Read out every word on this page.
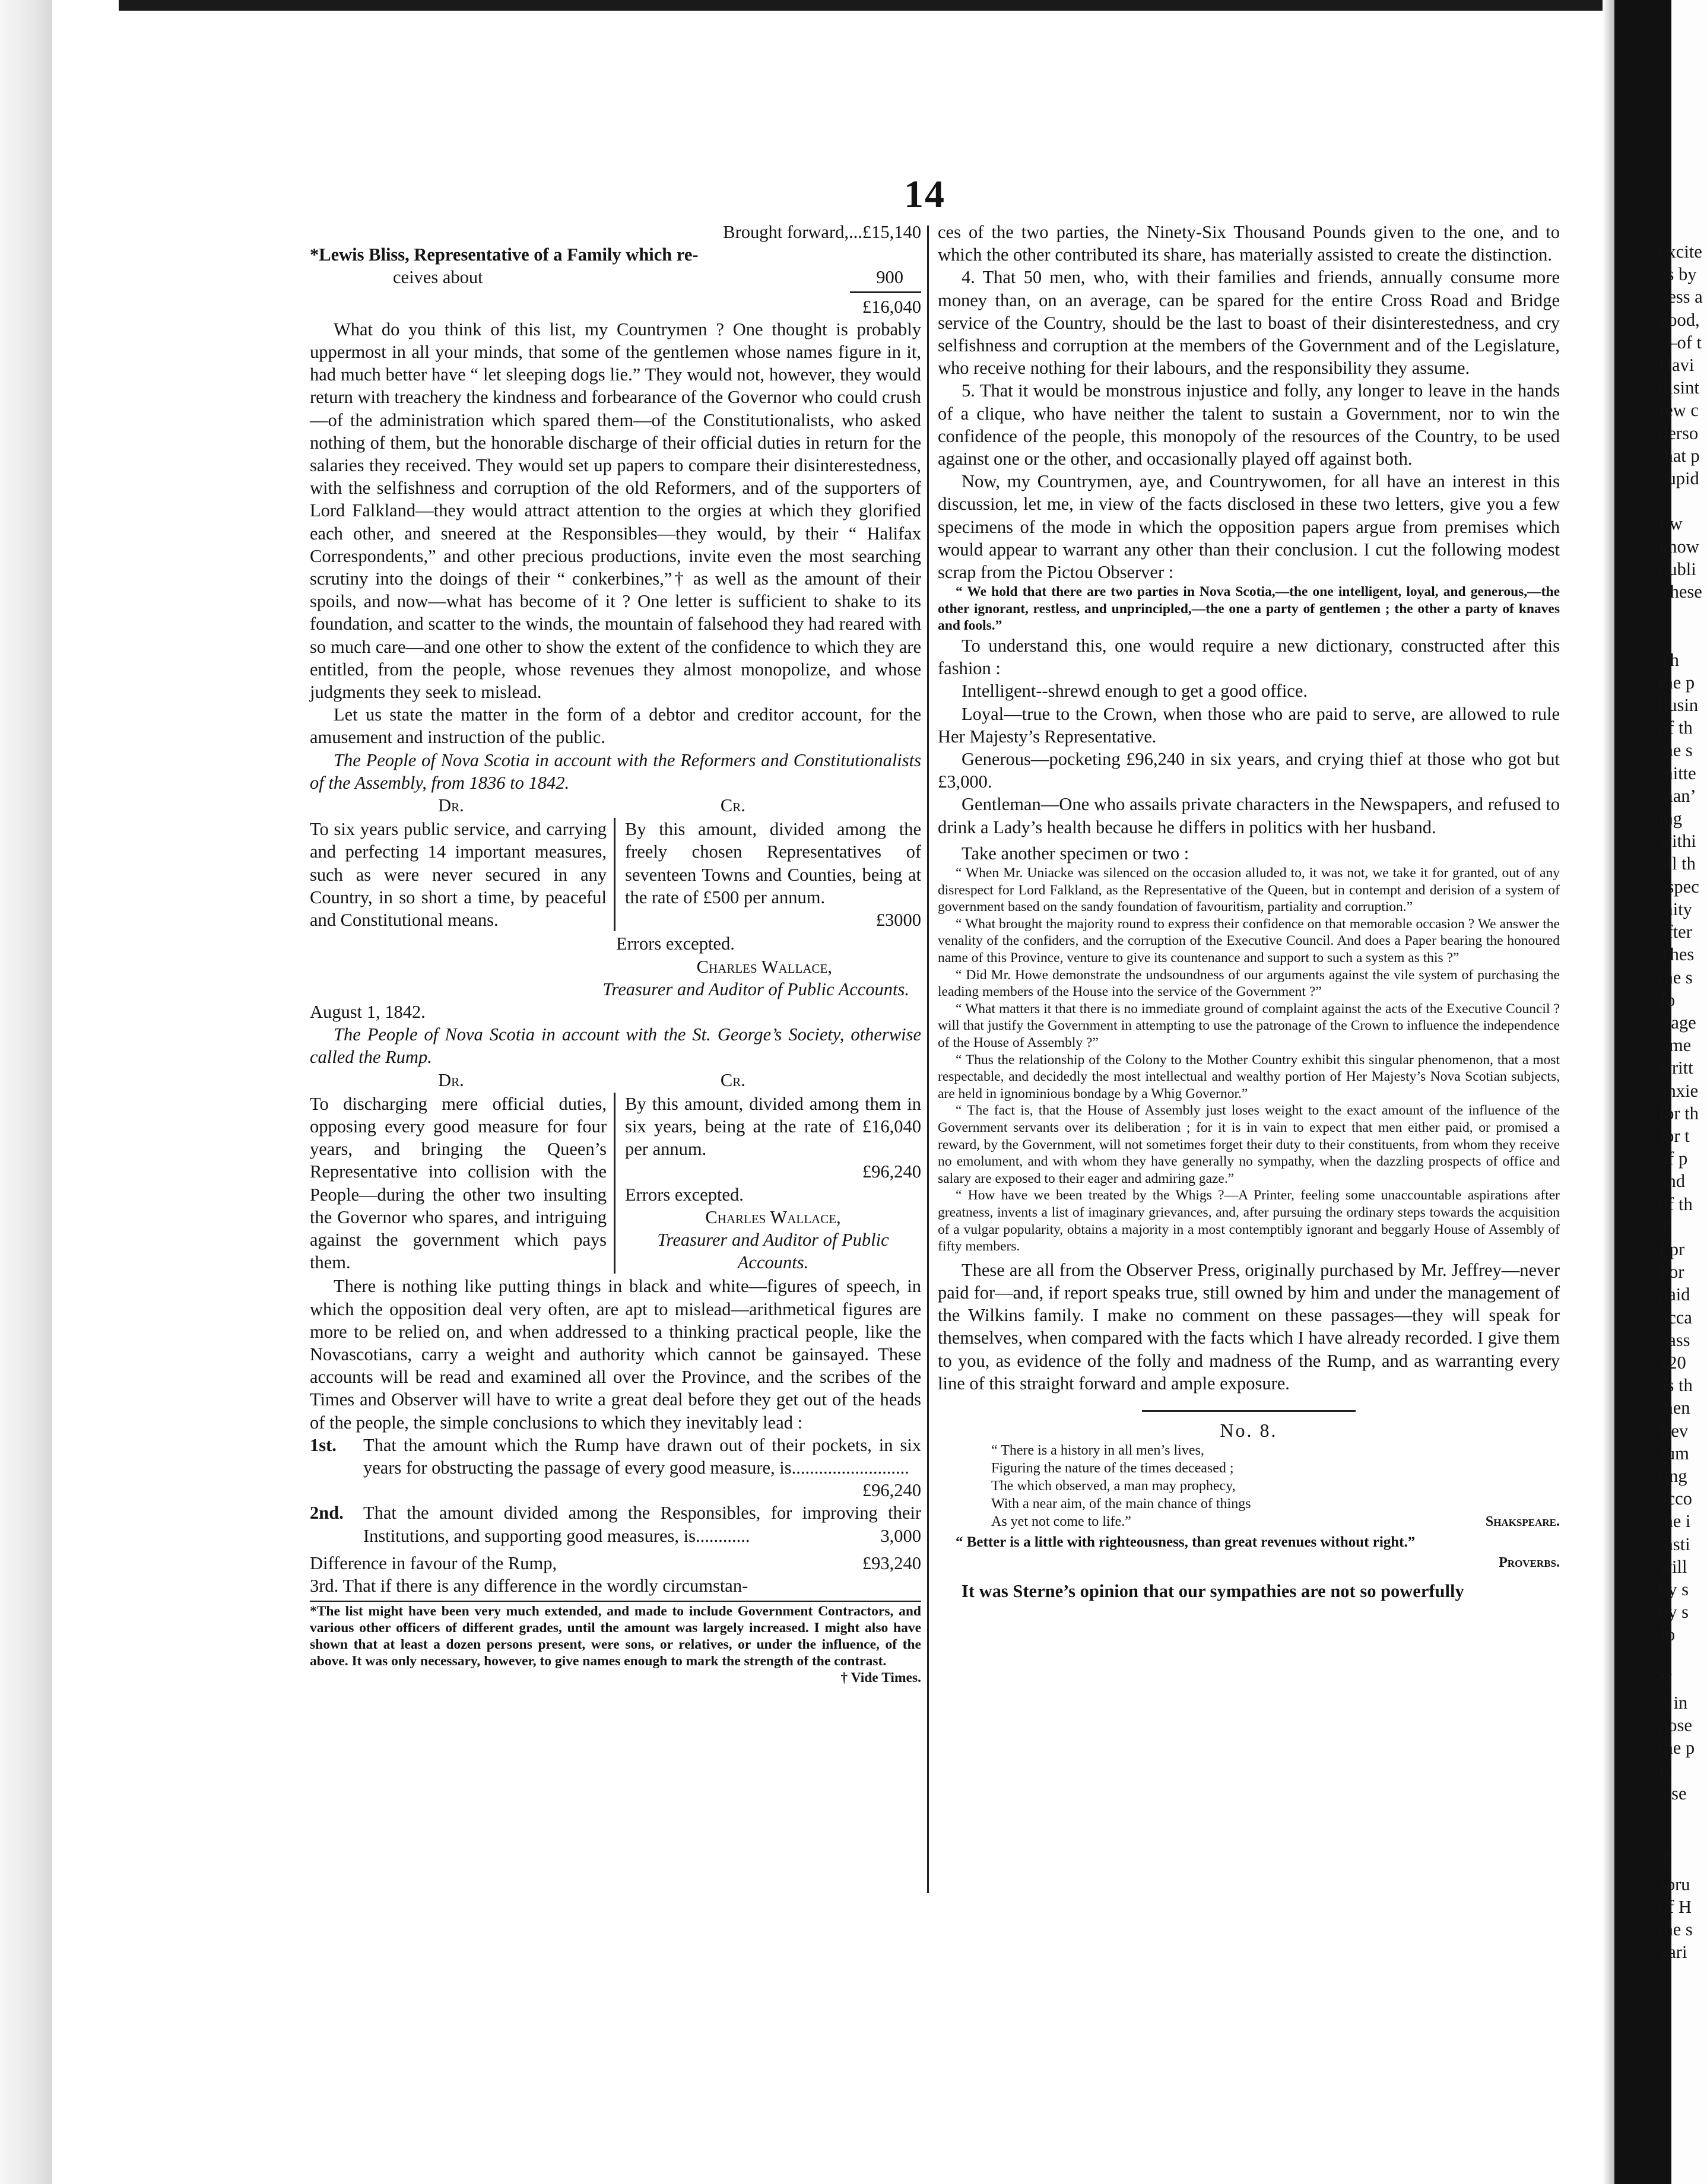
14

Brought forward,...£15,140

*Lewis Bliss, Representative of a Family which re-

ceives about	900

£16,040

What do you think of this list, my Countrymen ? One thought is probably uppermost in all your minds, that some of the gentlemen whose names figure in it, had much better have “ let sleeping dogs lie.” They would not, however, they would return with treachery the kindness and forbearance of the Governor who could crush—of the administration which spared them—of the Constitutionalists, who asked nothing of them, but the honorable discharge of their official duties in return for the salaries they received. They would set up papers to compare their disinterestedness, with the selfishness and corruption of the old Reformers, and of the supporters of Lord Falkland—they would attract attention to the orgies at which they glorified each other, and sneered at the Responsibles—they would, by their “ Halifax Correspondents,” and other precious productions, invite even the most searching scrutiny into the doings of their “ conkerbines,”† as well as the amount of their spoils, and now—what has become of it ? One letter is sufficient to shake to its foundation, and scatter to the winds, the mountain of falsehood they had reared with so much care—and one other to show the extent of the confidence to which they are entitled, from the people, whose revenues they almost monopolize, and whose judgments they seek to mislead.

Let us state the matter in the form of a debtor and creditor account, for the amusement and instruction of the public.

The People of Nova Scotia in account with the Reformers and Constitutionalists of the Assembly, from 1836 to 1842.

Dr.	Cr.
To six years public service, and carrying and perfecting 14 important measures, such as were never secured in any Country, in so short a time, by peaceful and Constitutional means.
By this amount, divided among the freely chosen Representatives of seventeen Towns and Counties, being at the rate of £500 per annum.
£3000

Errors excepted.

Charles Wallace,

Treasurer and Auditor of Public Accounts.

August 1, 1842.

The People of Nova Scotia in account with the St. George’s Society, otherwise called the Rump.

Dr.	Cr.
To discharging mere official duties, opposing every good measure for four years, and bringing the Queen’s Representative into collision with the People—during the other two insulting the Governor who spares, and intriguing against the government which pays them.
By this amount, divided among them in six years, being at the rate of £16,040 per annum.
£96,240
Errors excepted.
Charles Wallace,
Treasurer and Auditor of Public Accounts.

There is nothing like putting things in black and white—figures of speech, in which the opposition deal very often, are apt to mislead—arithmetical figures are more to be relied on, and when addressed to a thinking practical people, like the Novascotians, carry a weight and authority which cannot be gainsayed. These accounts will be read and examined all over the Province, and the scribes of the Times and Observer will have to write a great deal before they get out of the heads of the people, the simple conclusions to which they inevitably lead :

1st.	That the amount which the Rump have drawn out of their pockets, in six years for obstructing the passage of every good measure, is..........................
£96,240
2nd.	That the amount divided among the Responsibles, for improving their Institutions, and supporting good measures, is............	3,000
Difference in favour of the Rump,	£93,240

3rd. That if there is any difference in the wordly circumstan-

*The list might have been very much extended, and made to include Government Contractors, and various other officers of different grades, until the amount was largely increased. I might also have shown that at least a dozen persons present, were sons, or relatives, or under the influence, of the above. It was only necessary, however, to give names enough to mark the strength of the contrast.

† Vide Times.

ces of the two parties, the Ninety-Six Thousand Pounds given to the one, and to which the other contributed its share, has materially assisted to create the distinction.

4. That 50 men, who, with their families and friends, annually consume more money than, on an average, can be spared for the entire Cross Road and Bridge service of the Country, should be the last to boast of their disinterestedness, and cry selfishness and corruption at the members of the Government and of the Legislature, who receive nothing for their labours, and the responsibility they assume.

5. That it would be monstrous injustice and folly, any longer to leave in the hands of a clique, who have neither the talent to sustain a Government, nor to win the confidence of the people, this monopoly of the resources of the Country, to be used against one or the other, and occasionally played off against both.

Now, my Countrymen, aye, and Countrywomen, for all have an interest in this discussion, let me, in view of the facts disclosed in these two letters, give you a few specimens of the mode in which the opposition papers argue from premises which would appear to warrant any other than their conclusion. I cut the following modest scrap from the Pictou Observer :

“ We hold that there are two parties in Nova Scotia,—the one intelligent, loyal, and generous,—the other ignorant, restless, and unprincipled,—the one a party of gentlemen ; the other a party of knaves and fools.”

To understand this, one would require a new dictionary, constructed after this fashion :

Intelligent--shrewd enough to get a good office.

Loyal—true to the Crown, when those who are paid to serve, are allowed to rule Her Majesty’s Representative.

Generous—pocketing £96,240 in six years, and crying thief at those who got but £3,000.

Gentleman—One who assails private characters in the Newspapers, and refused to drink a Lady’s health because he differs in politics with her husband.

Take another specimen or two :

“ When Mr. Uniacke was silenced on the occasion alluded to, it was not, we take it for granted, out of any disrespect for Lord Falkland, as the Representative of the Queen, but in contempt and derision of a system of government based on the sandy foundation of favouritism, partiality and corruption.”

“ What brought the majority round to express their confidence on that memorable occasion ? We answer the venality of the confiders, and the corruption of the Executive Council. And does a Paper bearing the honoured name of this Province, venture to give its countenance and support to such a system as this ?”

“ Did Mr. Howe demonstrate the undsoundness of our arguments against the vile system of purchasing the leading members of the House into the service of the Government ?”

“ What matters it that there is no immediate ground of complaint against the acts of the Executive Council ? will that justify the Government in attempting to use the patronage of the Crown to influence the independence of the House of Assembly ?”

“ Thus the relationship of the Colony to the Mother Country exhibit this singular phenomenon, that a most respectable, and decidedly the most intellectual and wealthy portion of Her Majesty’s Nova Scotian subjects, are held in ignominious bondage by a Whig Governor.”

“ The fact is, that the House of Assembly just loses weight to the exact amount of the influence of the Government servants over its deliberation ; for it is in vain to expect that men either paid, or promised a reward, by the Government, will not sometimes forget their duty to their constituents, from whom they receive no emolument, and with whom they have generally no sympathy, when the dazzling prospects of office and salary are exposed to their eager and admiring gaze.”

“ How have we been treated by the Whigs ?—A Printer, feeling some unaccountable aspirations after greatness, invents a list of imaginary grievances, and, after pursuing the ordinary steps towards the acquisition of a vulgar popularity, obtains a majority in a most contemptibly ignorant and beggarly House of Assembly of fifty members.

These are all from the Observer Press, originally purchased by Mr. Jeffrey—never paid for—and, if report speaks true, still owned by him and under the management of the Wilkins family. I make no comment on these passages—they will speak for themselves, when compared with the facts which I have already recorded. I give them to you, as evidence of the folly and madness of the Rump, and as warranting every line of this straight forward and ample exposure.

No. 8.

“ There is a history in all men’s lives,
Figuring the nature of the times deceased ;
The which observed, a man may prophecy,
With a near aim, of the main chance of things
As yet not come to life.”	Shakspeare.

“ Better is a little with righteousness, than great revenues without right.”

Proverbs.

It was Sterne’s opinion that our sympathies are not so powerfully

excite
as by
ness a
good,
—of t
Havi
disint
few c
perso
that p
cupid

I w
know
publi
These

Th
the p
busin
of th
the s
mitte
man’
ing
withi
all th
espec
mity
after
Thes
the s
Jo
stage
time
writt
anxie
for th
for t
of p
and
of th
T
I pr
For
paid
occa
pass
£20
as th
then
Rev
sum
ting
acco
the i
insti
will
by s
by s
Jo

N
it in
pose
the p
L
a se

T
spru
of H
the s
vari
